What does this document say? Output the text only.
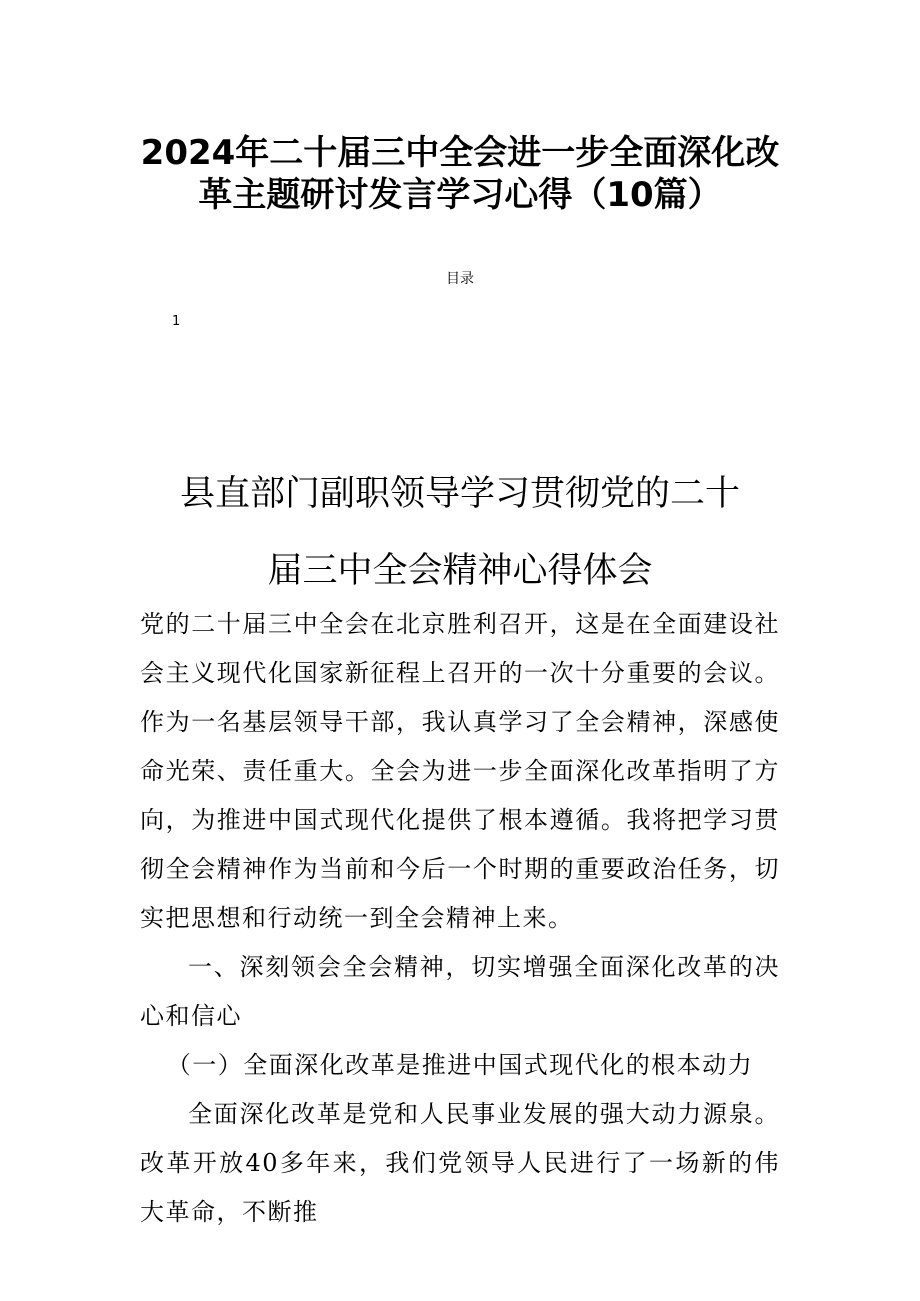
2024年二十届三中全会进一步全面深化改
革主题研讨发言学习心得（10篇）
目录
1
县直部门副职领导学习贯彻党的二十
届三中全会精神心得体会

党的二十届三中全会在北京胜利召开，这是在全面建设社会主义现代化国家新征程上召开的一次十分重要的会议。作为一名基层领导干部，我认真学习了全会精神，深感使命光荣、责任重大。全会为进一步全面深化改革指明了方向，为推进中国式现代化提供了根本遵循。我将把学习贯彻全会精神作为当前和今后一个时期的重要政治任务，切实把思想和行动统一到全会精神上来。

一、深刻领会全会精神，切实增强全面深化改革的决心和信心

（一）全面深化改革是推进中国式现代化的根本动力

全面深化改革是党和人民事业发展的强大动力源泉。改革开放40多年来，我们党领导人民进行了一场新的伟大革命，不断推
